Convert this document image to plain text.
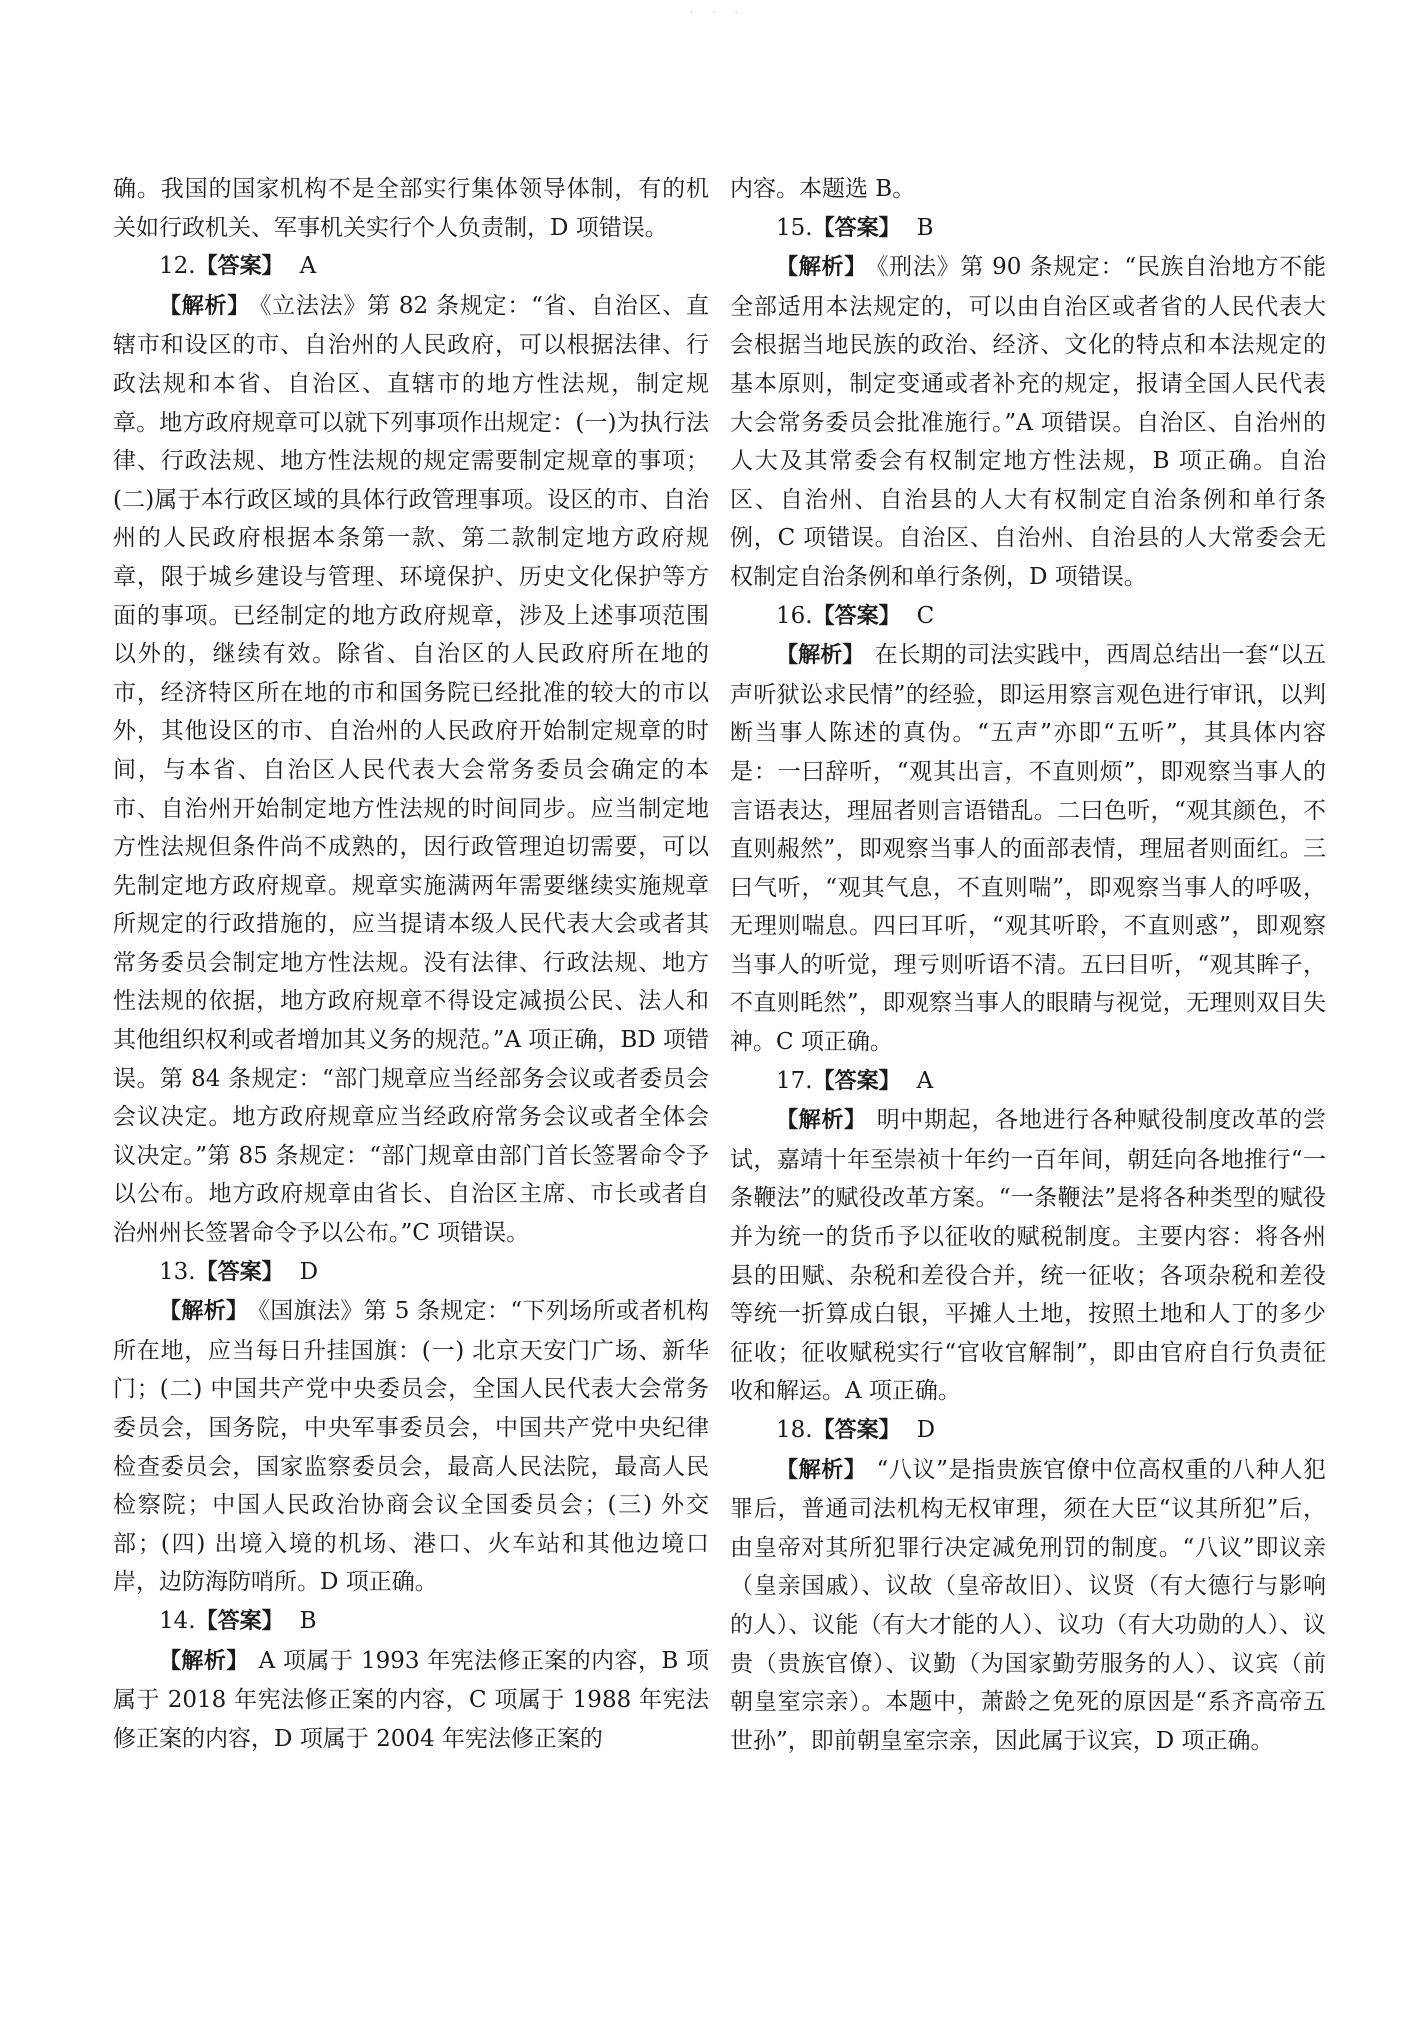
· · ·

确。我国的国家机构不是全部实行集体领导体制，有的机关如行政机关、军事机关实行个人负责制，D 项错误。

12.【答案】 A

【解析】 《立法法》第 82 条规定：“省、自治区、直辖市和设区的市、自治州的人民政府，可以根据法律、行政法规和本省、自治区、直辖市的地方性法规，制定规章。地方政府规章可以就下列事项作出规定：(一)为执行法律、行政法规、地方性法规的规定需要制定规章的事项；(二)属于本行政区域的具体行政管理事项。设区的市、自治州的人民政府根据本条第一款、第二款制定地方政府规章，限于城乡建设与管理、环境保护、历史文化保护等方面的事项。已经制定的地方政府规章，涉及上述事项范围以外的，继续有效。除省、自治区的人民政府所在地的市，经济特区所在地的市和国务院已经批准的较大的市以外，其他设区的市、自治州的人民政府开始制定规章的时间，与本省、自治区人民代表大会常务委员会确定的本市、自治州开始制定地方性法规的时间同步。应当制定地方性法规但条件尚不成熟的，因行政管理迫切需要，可以先制定地方政府规章。规章实施满两年需要继续实施规章所规定的行政措施的，应当提请本级人民代表大会或者其常务委员会制定地方性法规。没有法律、行政法规、地方性法规的依据，地方政府规章不得设定减损公民、法人和其他组织权利或者增加其义务的规范。”A 项正确，BD 项错误。第 84 条规定：“部门规章应当经部务会议或者委员会会议决定。地方政府规章应当经政府常务会议或者全体会议决定。”第 85 条规定：“部门规章由部门首长签署命令予以公布。地方政府规章由省长、自治区主席、市长或者自治州州长签署命令予以公布。”C 项错误。

13.【答案】 D

【解析】 《国旗法》第 5 条规定：“下列场所或者机构所在地，应当每日升挂国旗：(一) 北京天安门广场、新华门；(二) 中国共产党中央委员会，全国人民代表大会常务委员会，国务院，中央军事委员会，中国共产党中央纪律检查委员会，国家监察委员会，最高人民法院，最高人民检察院；中国人民政治协商会议全国委员会；(三) 外交部；(四) 出境入境的机场、港口、火车站和其他边境口岸，边防海防哨所。D 项正确。

14.【答案】 B

【解析】 A 项属于 1993 年宪法修正案的内容，B 项属于 2018 年宪法修正案的内容，C 项属于 1988 年宪法修正案的内容，D 项属于 2004 年宪法修正案的

内容。本题选 B。

15.【答案】 B

【解析】 《刑法》第 90 条规定：“民族自治地方不能全部适用本法规定的，可以由自治区或者省的人民代表大会根据当地民族的政治、经济、文化的特点和本法规定的基本原则，制定变通或者补充的规定，报请全国人民代表大会常务委员会批准施行。”A 项错误。自治区、自治州的人大及其常委会有权制定地方性法规，B 项正确。自治区、自治州、自治县的人大有权制定自治条例和单行条例，C 项错误。自治区、自治州、自治县的人大常委会无权制定自治条例和单行条例，D 项错误。

16.【答案】 C

【解析】 在长期的司法实践中，西周总结出一套“以五声听狱讼求民情”的经验，即运用察言观色进行审讯，以判断当事人陈述的真伪。“五声”亦即“五听”，其具体内容是：一曰辞听，“观其出言，不直则烦”，即观察当事人的言语表达，理屈者则言语错乱。二曰色听，“观其颜色，不直则赧然”，即观察当事人的面部表情，理屈者则面红。三曰气听，“观其气息，不直则喘”，即观察当事人的呼吸，无理则喘息。四曰耳听，“观其听聆，不直则惑”，即观察当事人的听觉，理亏则听语不清。五曰目听，“观其眸子，不直则眊然”，即观察当事人的眼睛与视觉，无理则双目失神。C 项正确。

17.【答案】 A

【解析】 明中期起，各地进行各种赋役制度改革的尝试，嘉靖十年至崇祯十年约一百年间，朝廷向各地推行“一条鞭法”的赋役改革方案。“一条鞭法”是将各种类型的赋役并为统一的货币予以征收的赋税制度。主要内容：将各州县的田赋、杂税和差役合并，统一征收；各项杂税和差役等统一折算成白银，平摊人土地，按照土地和人丁的多少征收；征收赋税实行“官收官解制”，即由官府自行负责征收和解运。A 项正确。

18.【答案】 D

【解析】 “八议”是指贵族官僚中位高权重的八种人犯罪后，普通司法机构无权审理，须在大臣“议其所犯”后，由皇帝对其所犯罪行决定减免刑罚的制度。“八议”即议亲（皇亲国戚）、议故（皇帝故旧）、议贤（有大德行与影响的人）、议能（有大才能的人）、议功（有大功勋的人）、议贵（贵族官僚）、议勤（为国家勤劳服务的人）、议宾（前朝皇室宗亲）。本题中，萧龄之免死的原因是“系齐高帝五世孙”，即前朝皇室宗亲，因此属于议宾，D 项正确。
